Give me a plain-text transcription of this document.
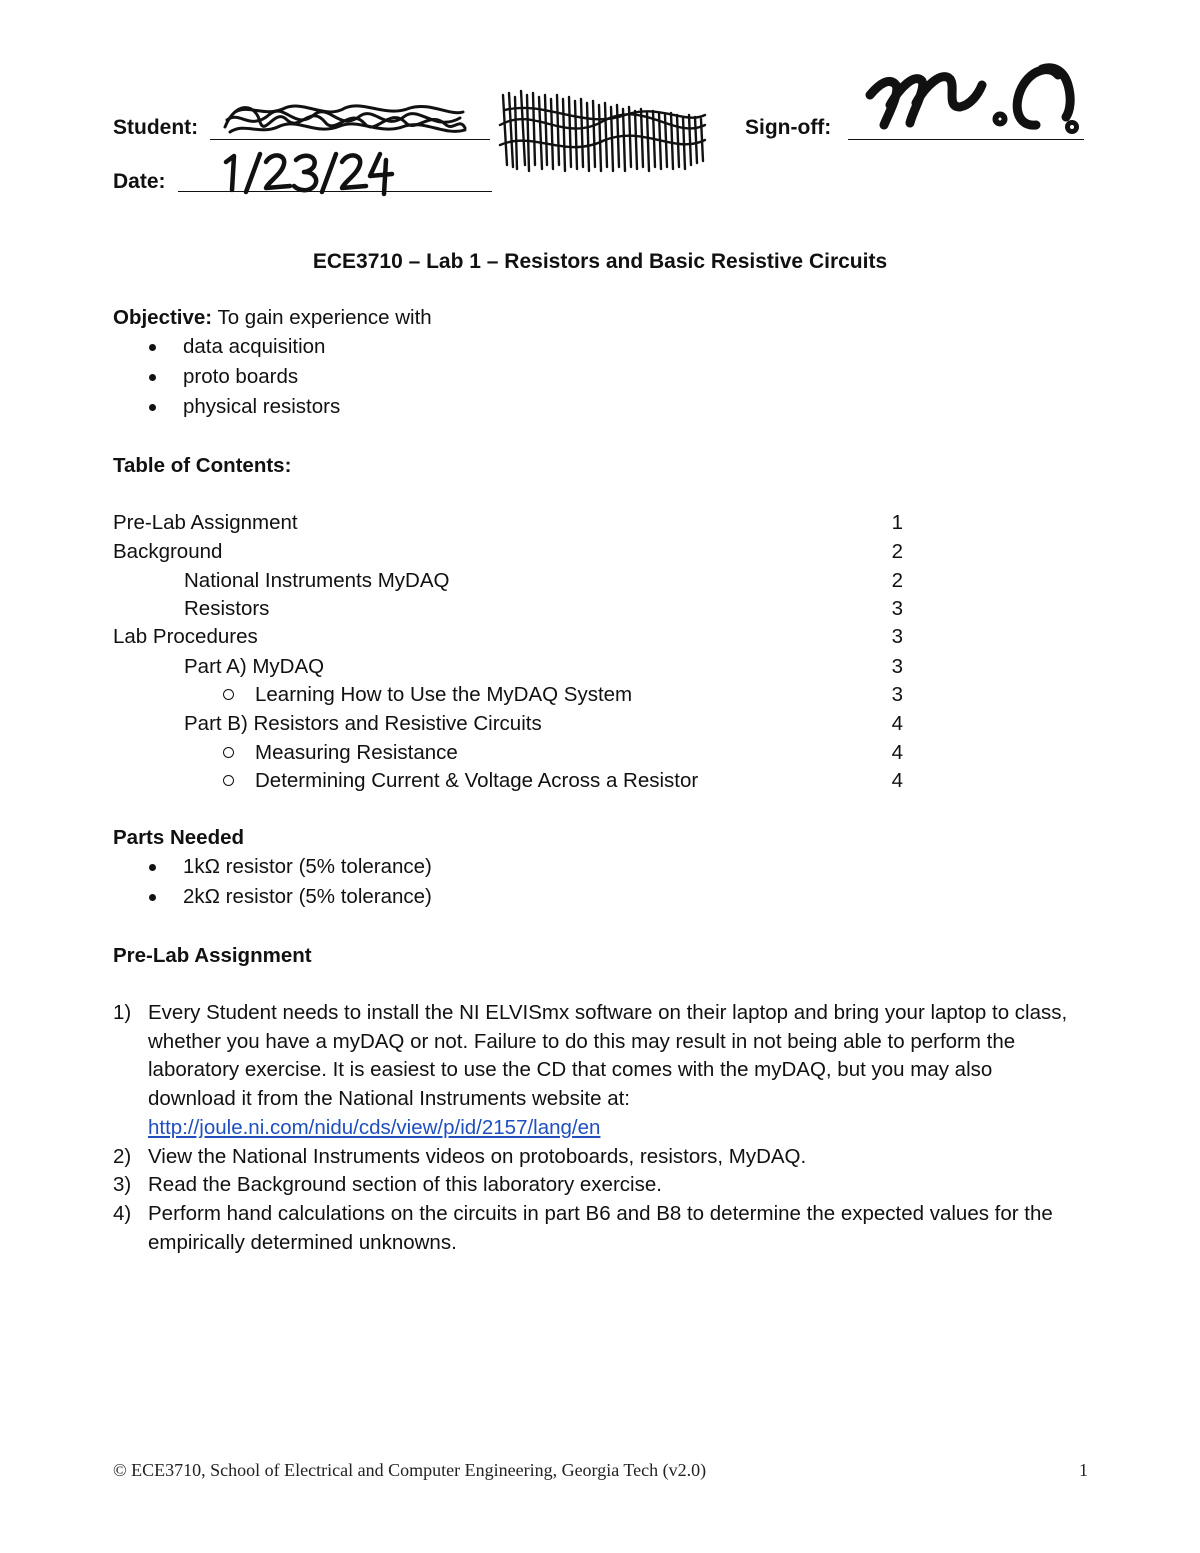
Student:	Sign-off:
Date:
ECE3710 – Lab 1 – Resistors and Basic Resistive Circuits
Objective: To gain experience with
data acquisition
proto boards
physical resistors
Table of Contents:
Pre-Lab Assignment	1
Background	2
National Instruments MyDAQ	2
Resistors	3
Lab Procedures	3
Part A) MyDAQ	3
Learning How to Use the MyDAQ System	3
Part B) Resistors and Resistive Circuits	4
Measuring Resistance	4
Determining Current & Voltage Across a Resistor	4
Parts Needed
1kΩ resistor (5% tolerance)
2kΩ resistor (5% tolerance)
Pre-Lab Assignment
1) Every Student needs to install the NI ELVISmx software on their laptop and bring your laptop to class, whether you have a myDAQ or not. Failure to do this may result in not being able to perform the laboratory exercise. It is easiest to use the CD that comes with the myDAQ, but you may also download it from the National Instruments website at:
http://joule.ni.com/nidu/cds/view/p/id/2157/lang/en
2) View the National Instruments videos on protoboards, resistors, MyDAQ.
3) Read the Background section of this laboratory exercise.
4) Perform hand calculations on the circuits in part B6 and B8 to determine the expected values for the empirically determined unknowns.
© ECE3710, School of Electrical and Computer Engineering, Georgia Tech (v2.0)	1
